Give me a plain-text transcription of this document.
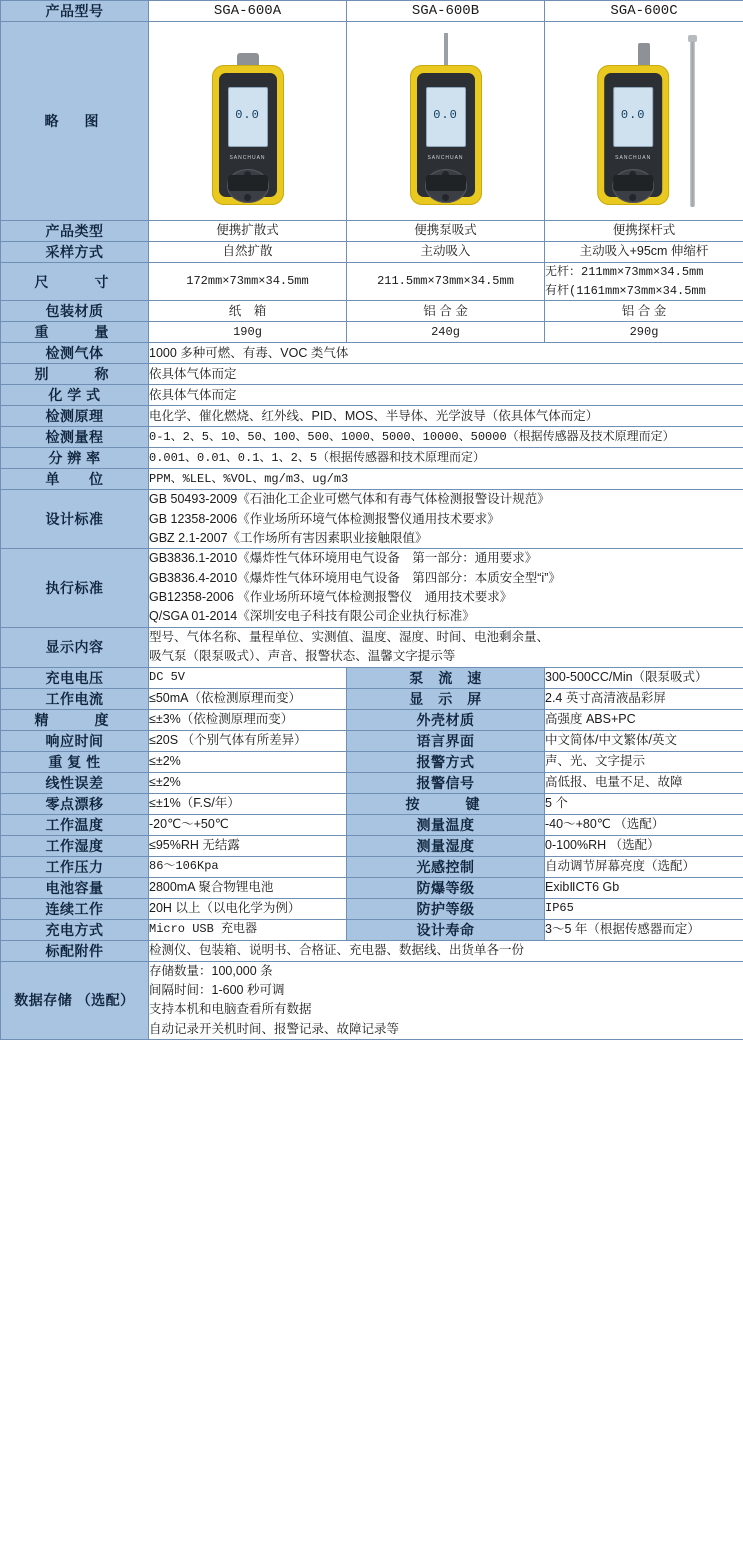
产品型号	SGA-600A	SGA-600B	SGA-600C
略　图	0.0
SANCHUAN

0.0
SANCHUAN

0.0
SANCHUAN

产品类型	便携扩散式	便携泵吸式	便携探杆式
采样方式	自然扩散	主动吸入	主动吸入+95cm 伸缩杆
尺　　寸	172mm×73mm×34.5mm	211.5mm×73mm×34.5mm	无杆：211mm×73mm×34.5mm
有杆(1161mm×73mm×34.5mm

包装材质	纸　箱	铝 合 金	铝 合 金
重　　量	190g	240g	290g
检测气体	1000 多种可燃、有毒、VOC 类气体		
别　　称	依具体气体而定		
化 学 式	依具体气体而定		
检测原理	电化学、催化燃烧、红外线、PID、MOS、半导体、光学波导（依具体气体而定）		
检测量程	0-1、2、5、10、50、100、500、1000、5000、10000、50000（根据传感器及技术原理而定）		
分 辨 率	0.001、0.01、0.1、1、2、5（根据传感器和技术原理而定）		
单　　位	PPM、%LEL、%VOL、mg/m3、ug/m3		
设计标准	GB 50493-2009《石油化工企业可燃气体和有毒气体检测报警设计规范》
GB 12358-2006《作业场所环境气体检测报警仪通用技术要求》
GBZ 2.1-2007《工作场所有害因素职业接触限值》		

执行标准	GB3836.1-2010《爆炸性气体环境用电气设备　第一部分：通用要求》
GB3836.4-2010《爆炸性气体环境用电气设备　第四部分：本质安全型“i”》
GB12358-2006 《作业场所环境气体检测报警仪　通用技术要求》
Q/SGA 01-2014《深圳安电子科技有限公司企业执行标准》		

显示内容	型号、气体名称、量程单位、实测值、温度、湿度、时间、电池剩余量、
吸气泵（限泵吸式）、声音、报警状态、温馨文字提示等		

充电电压	DC 5V	泵　流　速	300-500CC/Min（限泵吸式）
工作电流	≤50mA（依检测原理而变）	显　示　屏	2.4 英寸高清液晶彩屏
精　　度	≤±3%（依检测原理而变）	外壳材质	高强度 ABS+PC
响应时间	≤20S （个别气体有所差异）	语言界面	中文简体/中文繁体/英文
重 复 性	≤±2%	报警方式	声、光、文字提示
线性误差	≤±2%	报警信号	高低报、电量不足、故障
零点漂移	≤±1%（F.S/年）	按　　键	5 个
工作温度	-20℃～+50℃	测量温度	-40～+80℃ （选配）
工作湿度	≤95%RH 无结露	测量湿度	0-100%RH （选配）
工作压力	86～106Kpa	光感控制	自动调节屏幕亮度（选配）
电池容量	2800mA 聚合物锂电池	防爆等级	ExibⅡCT6 Gb
连续工作	20H 以上（以电化学为例）	防护等级	IP65
充电方式	Micro USB 充电器	设计寿命	3～5 年（根据传感器而定）
标配附件	检测仪、包装箱、说明书、合格证、充电器、数据线、出货单各一份		
数据存储 （选配）	存储数量：100,000 条
间隔时间：1-600 秒可调
支持本机和电脑查看所有数据
自动记录开关机时间、报警记录、故障记录等		
